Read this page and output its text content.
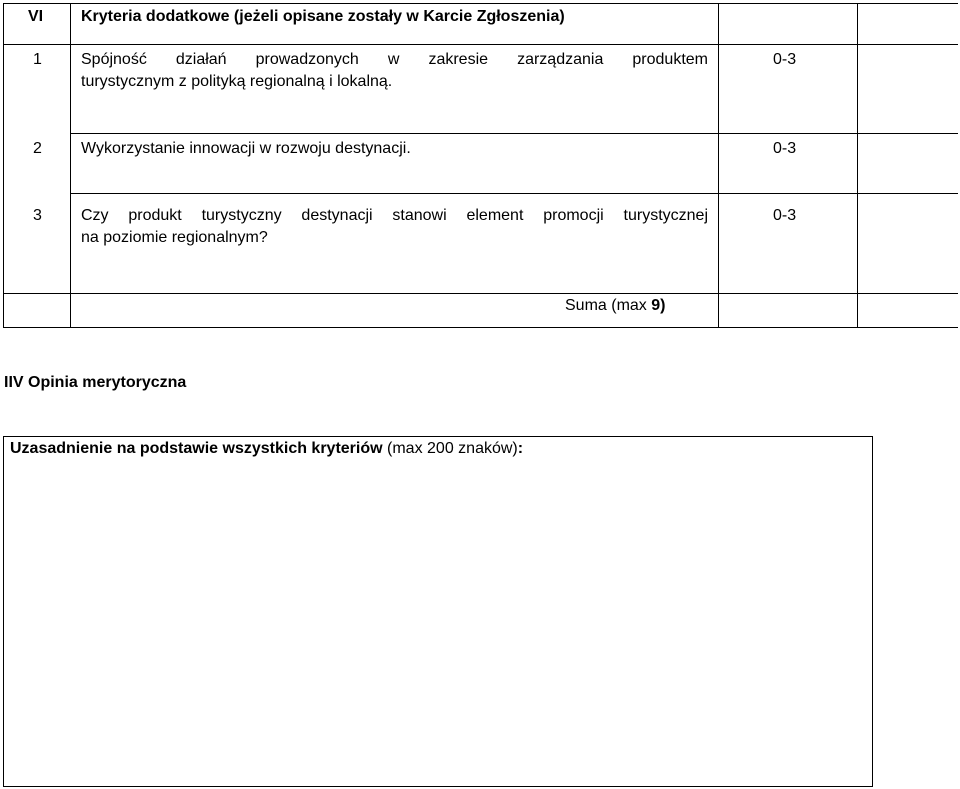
VI Kryteria dodatkowe (jeżeli opisane zostały w Karcie Zgłoszenia)
1 Spójność działań prowadzonych w zakresie zarządzania produktem
turystycznym z polityką regionalną i lokalną.
0-3
2 Wykorzystanie innowacji w rozwoju destynacji.	0-3
3 Czy produkt turystyczny destynacji stanowi element promocji turystycznej
na poziomie regionalnym?
0-3
Suma (max 9)
IIV Opinia merytoryczna
Uzasadnienie na podstawie wszystkich kryteriów (max 200 znaków):
